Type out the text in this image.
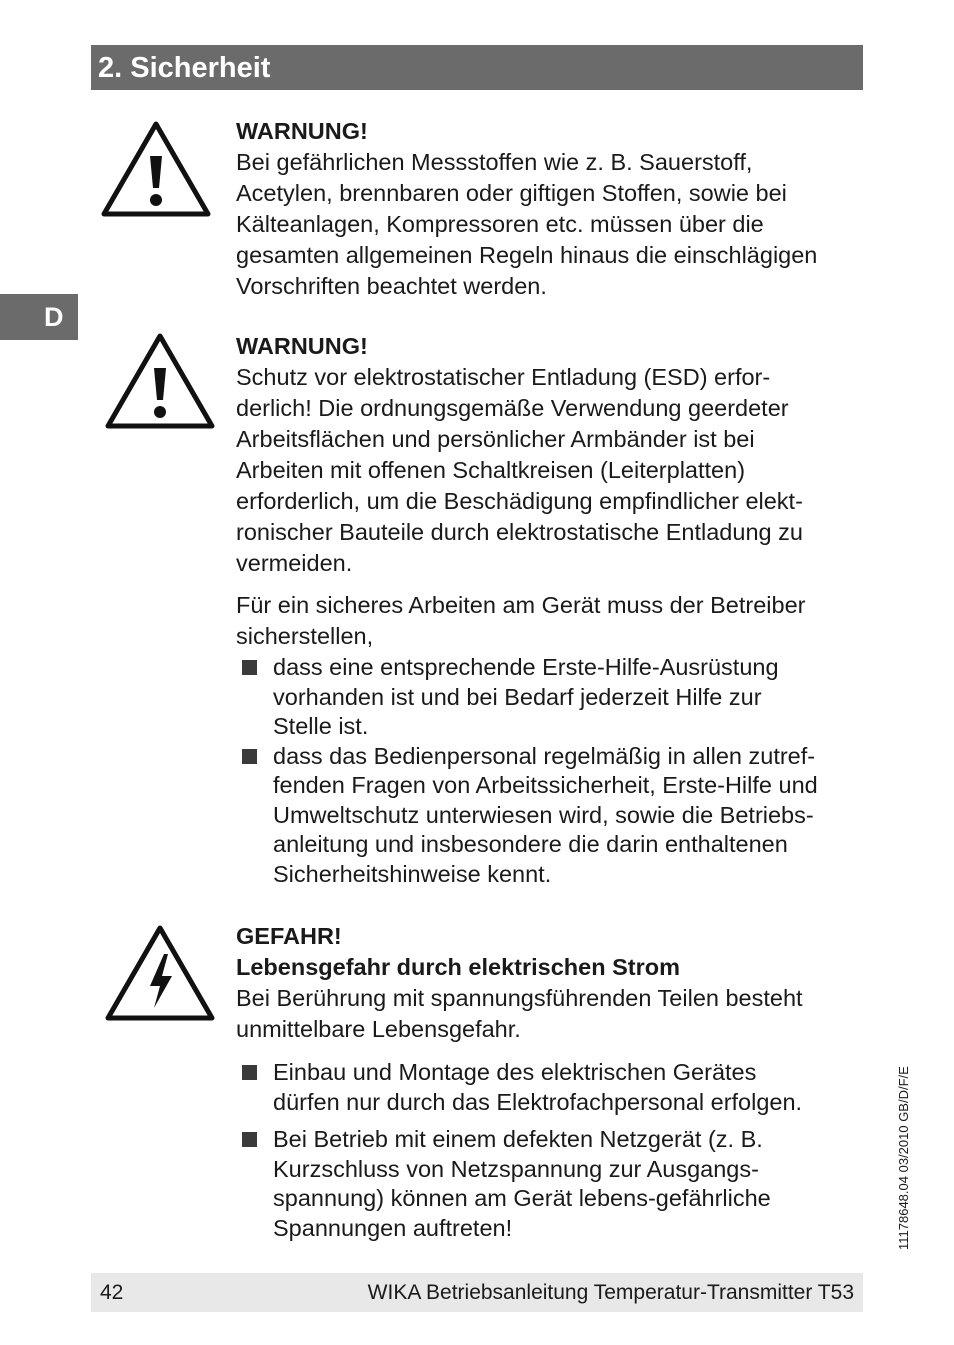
2. Sicherheit
D

WARNUNG!

Bei gefährlichen Messstoffen wie z. B. Sauerstoff,

Acetylen, brennbaren oder giftigen Stoffen, sowie bei

Kälteanlagen, Kompressoren etc. müssen über die

gesamten allgemeinen Regeln hinaus die einschlägigen

Vorschriften beachtet werden.

WARNUNG!

Schutz vor elektrostatischer Entladung (ESD) erfor-

derlich! Die ordnungsgemäße Verwendung geerdeter

Arbeitsflächen und persönlicher Armbänder ist bei

Arbeiten mit offenen Schaltkreisen (Leiterplatten)

erforderlich, um die Beschädigung empfindlicher elekt-

ronischer Bauteile durch elektrostatische Entladung zu

vermeiden.

Für ein sicheres Arbeiten am Gerät muss der Betreiber

sicherstellen,

dass eine entsprechende Erste-Hilfe-Ausrüstung
vorhanden ist und bei Bedarf jederzeit Hilfe zur
Stelle ist.
dass das Bedienpersonal regelmäßig in allen zutref-
fenden Fragen von Arbeitssicherheit, Erste-Hilfe und
Umweltschutz unterwiesen wird, sowie die Betriebs-
anleitung und insbesondere die darin enthaltenen
Sicherheitshinweise kennt.

GEFAHR!

Lebensgefahr durch elektrischen Strom

Bei Berührung mit spannungsführenden Teilen besteht

unmittelbare Lebensgefahr.

Einbau und Montage des elektrischen Gerätes
dürfen nur durch das Elektrofachpersonal erfolgen.
Bei Betrieb mit einem defekten Netzgerät (z. B.
Kurzschluss von Netzspannung zur Ausgangs-
spannung) können am Gerät lebens-gefährliche
Spannungen auftreten!	11178648.04 03/2010 GB/D/F/E
42	WIKA Betriebsanleitung Temperatur-Transmitter T53
